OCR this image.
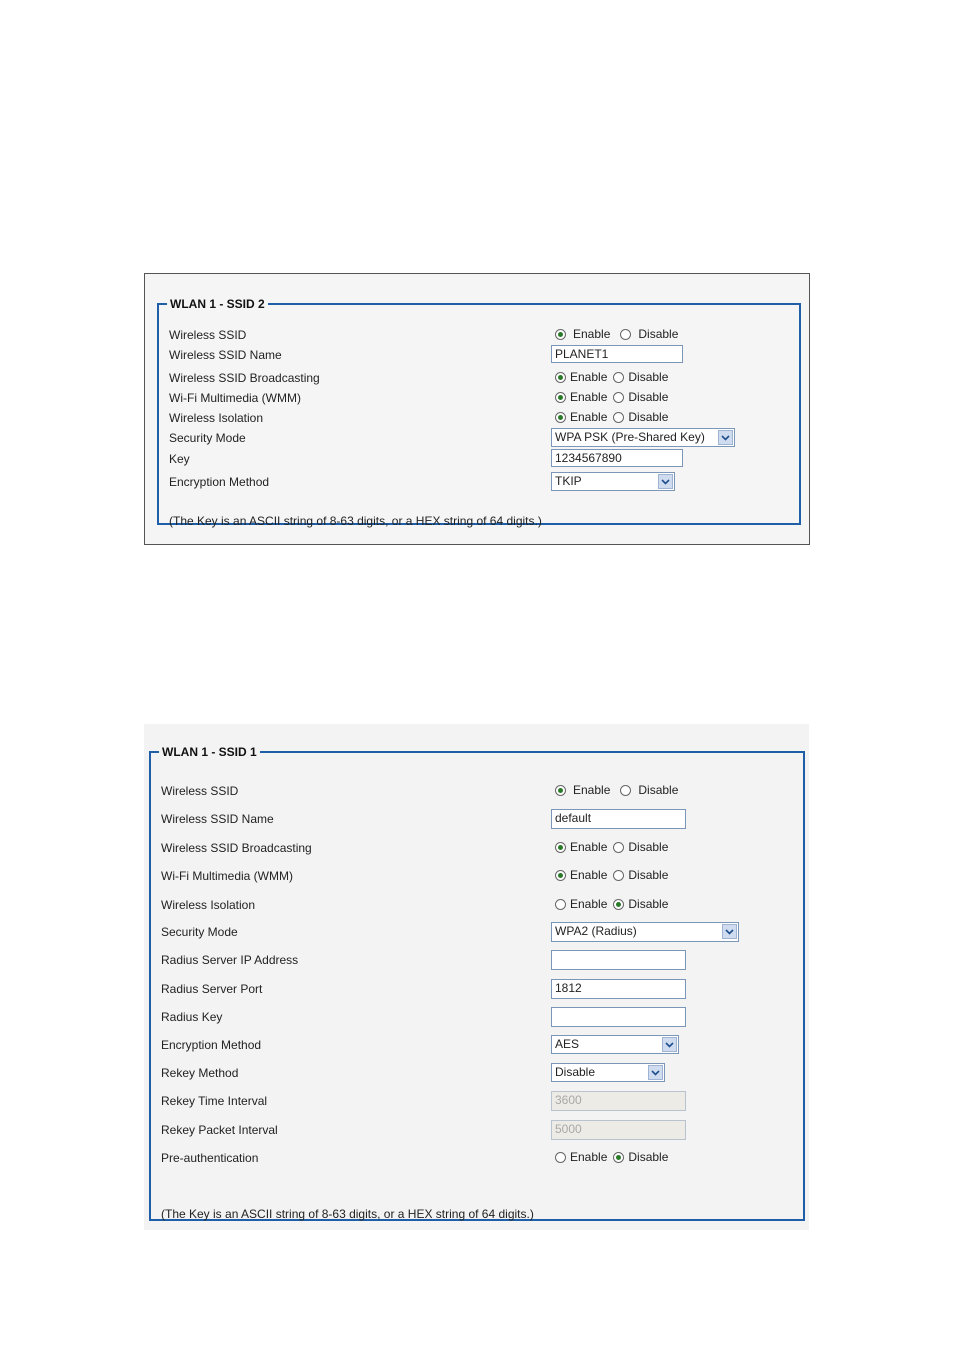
WLAN 1 - SSID 2
Wireless SSID	Enable Disable
Wireless SSID Name	PLANET1
Wireless SSID Broadcasting	Enable Disable
Wi-Fi Multimedia (WMM)	Enable Disable
Wireless Isolation	Enable Disable
Security Mode	WPA PSK (Pre-Shared Key)
Key	1234567890
Encryption Method	TKIP
(The Key is an ASCII string of 8-63 digits, or a HEX string of 64 digits.)
WLAN 1 - SSID 1
Wireless SSID	Enable Disable
Wireless SSID Name	default
Wireless SSID Broadcasting	Enable Disable
Wi-Fi Multimedia (WMM)	Enable Disable
Wireless Isolation	Enable Disable
Security Mode	WPA2 (Radius)
Radius Server IP Address
Radius Server Port	1812
Radius Key
Encryption Method	AES
Rekey Method	Disable
Rekey Time Interval	3600
Rekey Packet Interval	5000
Pre-authentication	Enable Disable
(The Key is an ASCII string of 8-63 digits, or a HEX string of 64 digits.)
